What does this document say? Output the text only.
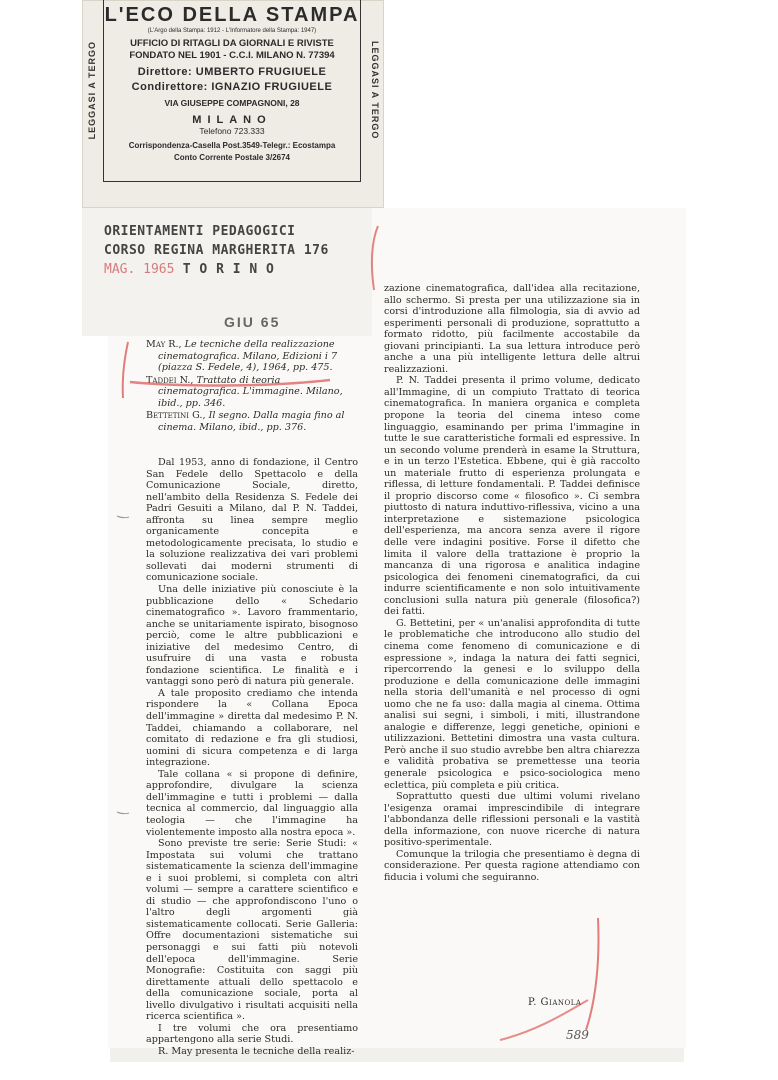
LEGGASI A TERGO	LEGGASI A TERGO
L'ECO DELLA STAMPA
(L'Argo della Stampa: 1912 - L'Informatore della Stampa: 1947)
UFFICIO DI RITAGLI DA GIORNALI E RIVISTE
FONDATO NEL 1901 - C.C.I. MILANO N. 77394
Direttore: UMBERTO FRUGIUELE
Condirettore: IGNAZIO FRUGIUELE
VIA GIUSEPPE COMPAGNONI, 28
MILANO
Telefono 723.333
Corrispondenza-Casella Post.3549-Telegr.: Ecostampa
Conto Corrente Postale 3/2674
ORIENTAMENTI PEDAGOGICI
CORSO REGINA MARGHERITA 176
MAG. 1965 T O R I N O
GIU 65
May R., Le tecniche della realizzazione cinematografica. Milano, Edizioni i 7 (piazza S. Fedele, 4), 1964, pp. 475.
Taddei N., Trattato di teoria cinematografica. L'immagine. Milano, ibid., pp. 346.
Bettetini G., Il segno. Dalla magia fino al cinema. Milano, ibid., pp. 376.

Dal 1953, anno di fondazione, il Centro San Fedele dello Spettacolo e della Comunicazione Sociale, diretto, nell'ambito della Residenza S. Fedele dei Padri Gesuiti a Milano, dal P. N. Taddei, affronta su linea sempre meglio organicamente concepita e metodologicamente precisata, lo studio e la soluzione realizzativa dei vari problemi sollevati dai moderni strumenti di comunicazione sociale.

Una delle iniziative più conosciute è la pubblicazione dello « Schedario cinematografico ». Lavoro frammentario, anche se unitariamente ispirato, bisognoso perciò, come le altre pubblicazioni e iniziative del medesimo Centro, di usufruire di una vasta e robusta fondazione scientifica. Le finalità e i vantaggi sono però di natura più generale.

A tale proposito crediamo che intenda rispondere la « Collana Epoca dell'immagine » diretta dal medesimo P. N. Taddei, chiamando a collaborare, nel comitato di redazione e fra gli studiosi, uomini di sicura competenza e di larga integrazione.

Tale collana « si propone di definire, approfondire, divulgare la scienza dell'immagine e tutti i problemi — dalla tecnica al commercio, dal linguaggio alla teologia — che l'immagine ha violentemente imposto alla nostra epoca ».

Sono previste tre serie: Serie Studi: « Impostata sui volumi che trattano sistematicamente la scienza dell'immagine e i suoi problemi, si completa con altri volumi — sempre a carattere scientifico e di studio — che approfondiscono l'uno o l'altro degli argomenti già sistematicamente collocati. Serie Galleria: Offre documentazioni sistematiche sui personaggi e sui fatti più notevoli dell'epoca dell'immagine. Serie Monografie: Costituita con saggi più direttamente attuali dello spettacolo e della comunicazione sociale, porta al livello divulgativo i risultati acquisiti nella ricerca scientifica ».

I tre volumi che ora presentiamo appartengono alla serie Studi.

R. May presenta le tecniche della realiz-

zazione cinematografica, dall'idea alla recitazione, allo schermo. Si presta per una utilizzazione sia in corsi d'introduzione alla filmologia, sia di avvio ad esperimenti personali di produzione, soprattutto a formato ridotto, più facilmente accostabile da giovani principianti. La sua lettura introduce però anche a una più intelligente lettura delle altrui realizzazioni.

P. N. Taddei presenta il primo volume, dedicato all'Immagine, di un compiuto Trattato di teorica cinematografica. In maniera organica e completa propone la teoria del cinema inteso come linguaggio, esaminando per prima l'immagine in tutte le sue caratteristiche formali ed espressive. In un secondo volume prenderà in esame la Struttura, e in un terzo l'Estetica. Ebbene, qui è già raccolto un materiale frutto di esperienza prolungata e riflessa, di letture fondamentali. P. Taddei definisce il proprio discorso come « filosofico ». Ci sembra piuttosto di natura induttivo-riflessiva, vicino a una interpretazione e sistemazione psicologica dell'esperienza, ma ancora senza avere il rigore delle vere indagini positive. Forse il difetto che limita il valore della trattazione è proprio la mancanza di una rigorosa e analitica indagine psicologica dei fenomeni cinematografici, da cui indurre scientificamente e non solo intuitivamente conclusioni sulla natura più generale (filosofica?) dei fatti.

G. Bettetini, per « un'analisi approfondita di tutte le problematiche che introducono allo studio del cinema come fenomeno di comunicazione e di espressione », indaga la natura dei fatti segnici, ripercorrendo la genesi e lo sviluppo della produzione e della comunicazione delle immagini nella storia dell'umanità e nel processo di ogni uomo che ne fa uso: dalla magia al cinema. Ottima analisi sui segni, i simboli, i miti, illustrandone analogie e differenze, leggi genetiche, opinioni e utilizzazioni. Bettetini dimostra una vasta cultura. Però anche il suo studio avrebbe ben altra chiarezza e validità probativa se premettesse una teoria generale psicologica e psico-sociologica meno eclettica, più completa e più critica.

Soprattutto questi due ultimi volumi rivelano l'esigenza oramai imprescindibile di integrare l'abbondanza delle riflessioni personali e la vastità della informazione, con nuove ricerche di natura positivo-sperimentale.

Comunque la trilogia che presentiamo è degna di considerazione. Per questa ragione attendiamo con fiducia i volumi che seguiranno.

P. Gianola
589
